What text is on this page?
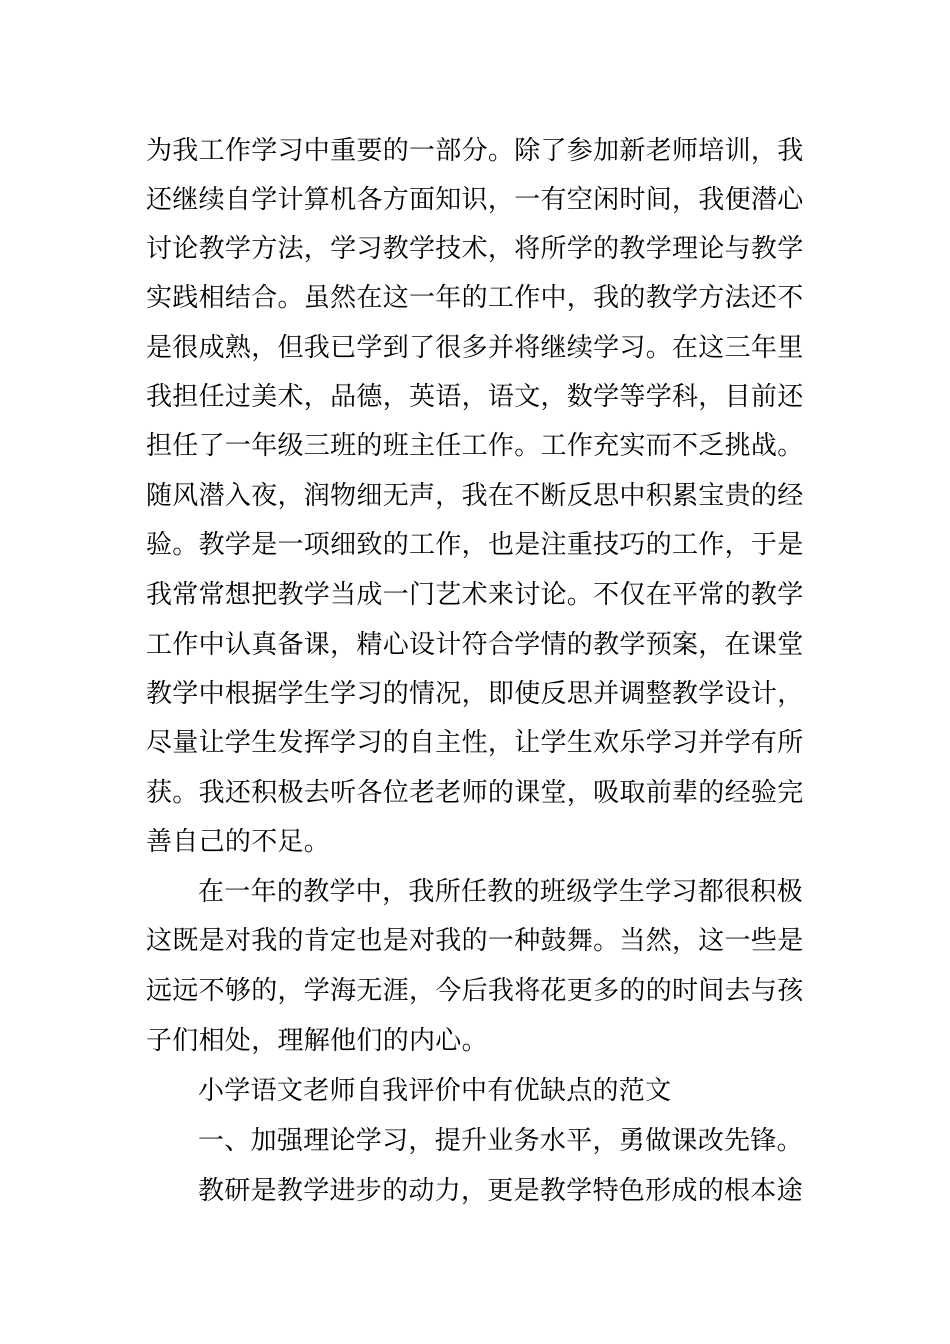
为我工作学习中重要的一部分。除了参加新老师培训，我
还继续自学计算机各方面知识，一有空闲时间，我便潜心
讨论教学方法，学习教学技术，将所学的教学理论与教学
实践相结合。虽然在这一年的工作中，我的教学方法还不
是很成熟，但我已学到了很多并将继续学习。在这三年里
我担任过美术，品德，英语，语文，数学等学科，目前还
担任了一年级三班的班主任工作。工作充实而不乏挑战。
随风潜入夜，润物细无声，我在不断反思中积累宝贵的经
验。教学是一项细致的工作，也是注重技巧的工作，于是
我常常想把教学当成一门艺术来讨论。不仅在平常的教学
工作中认真备课，精心设计符合学情的教学预案，在课堂
教学中根据学生学习的情况，即使反思并调整教学设计，
尽量让学生发挥学习的自主性，让学生欢乐学习并学有所
获。我还积极去听各位老老师的课堂，吸取前辈的经验完
善自己的不足。
在一年的教学中，我所任教的班级学生学习都很积极
这既是对我的肯定也是对我的一种鼓舞。当然，这一些是
远远不够的，学海无涯，今后我将花更多的的时间去与孩
子们相处，理解他们的内心。
小学语文老师自我评价中有优缺点的范文
一、加强理论学习，提升业务水平，勇做课改先锋。
教研是教学进步的动力，更是教学特色形成的根本途
